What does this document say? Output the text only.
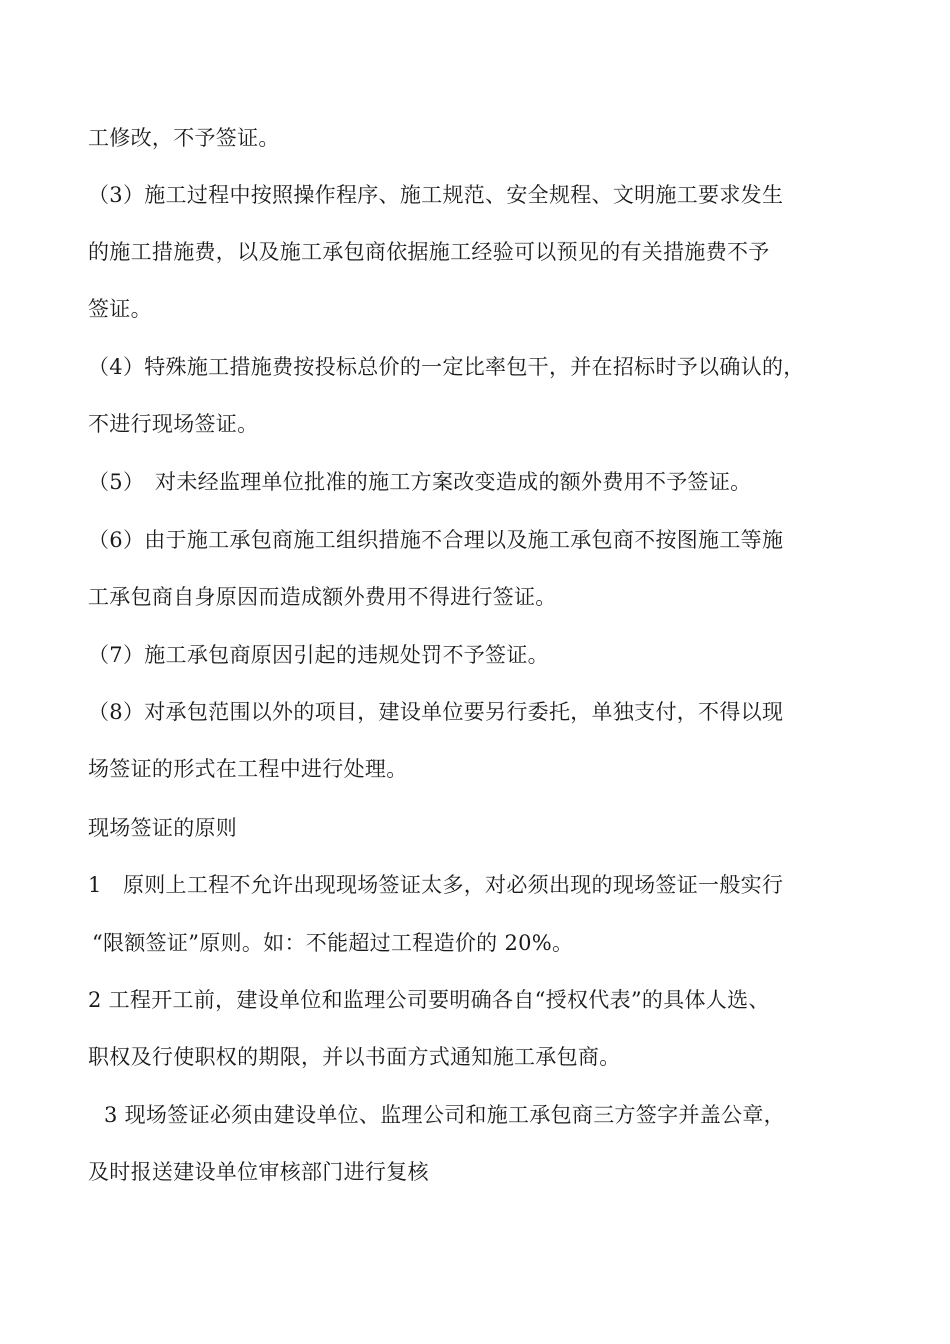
工修改，不予签证。
（3）施工过程中按照操作程序、施工规范、安全规程、文明施工要求发生
的施工措施费，以及施工承包商依据施工经验可以预见的有关措施费不予
签证。
（4）特殊施工措施费按投标总价的一定比率包干，并在招标时予以确认的，
不进行现场签证。
（5）　对未经监理单位批准的施工方案改变造成的额外费用不予签证。
（6）由于施工承包商施工组织措施不合理以及施工承包商不按图施工等施
工承包商自身原因而造成额外费用不得进行签证。
（7）施工承包商原因引起的违规处罚不予签证。
（8）对承包范围以外的项目，建设单位要另行委托，单独支付，不得以现
场签证的形式在工程中进行处理。
现场签证的原则
1　原则上工程不允许出现现场签证太多，对必须出现的现场签证一般实行
“限额签证”原则。如：不能超过工程造价的 20%。
2 工程开工前，建设单位和监理公司要明确各自“授权代表”的具体人选、
职权及行使职权的期限，并以书面方式通知施工承包商。
3 现场签证必须由建设单位、监理公司和施工承包商三方签字并盖公章，
及时报送建设单位审核部门进行复核
